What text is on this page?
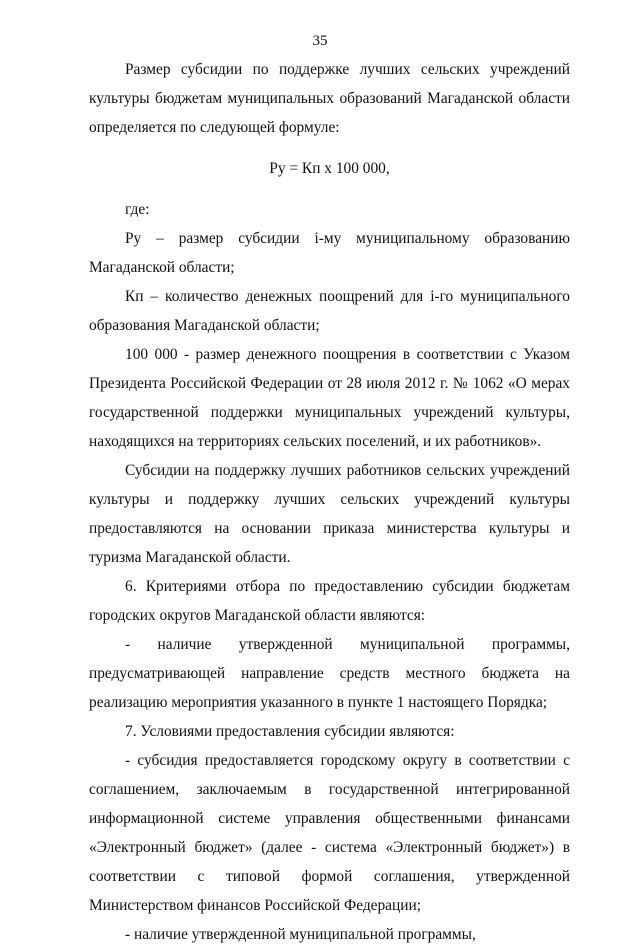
35

Размер субсидии по поддержке лучших сельских учреждений культуры бюджетам муниципальных образований Магаданской области определяется по следующей формуле:

Ру = Кп х 100 000,

где:

Ру – размер субсидии i-му муниципальному образованию Магаданской области;

Кп – количество денежных поощрений для i-го муниципального образования Магаданской области;

100 000 - размер денежного поощрения в соответствии с Указом Президента Российской Федерации от 28 июля 2012 г. № 1062 «О мерах государственной поддержки муниципальных учреждений культуры, находящихся на территориях сельских поселений, и их работников».

Субсидии на поддержку лучших работников сельских учреждений культуры и поддержку лучших сельских учреждений культуры предоставляются на основании приказа министерства культуры и туризма Магаданской области.

6. Критериями отбора по предоставлению субсидии бюджетам городских округов Магаданской области являются:

- наличие утвержденной муниципальной программы, предусматривающей направление средств местного бюджета на реализацию мероприятия указанного в пункте 1 настоящего Порядка;

7. Условиями предоставления субсидии являются:

- субсидия предоставляется городскому округу в соответствии с соглашением, заключаемым в государственной интегрированной информационной системе управления общественными финансами «Электронный бюджет» (далее - система «Электронный бюджет») в соответствии с типовой формой соглашения, утвержденной Министерством финансов Российской Федерации;

- наличие утвержденной муниципальной программы,
